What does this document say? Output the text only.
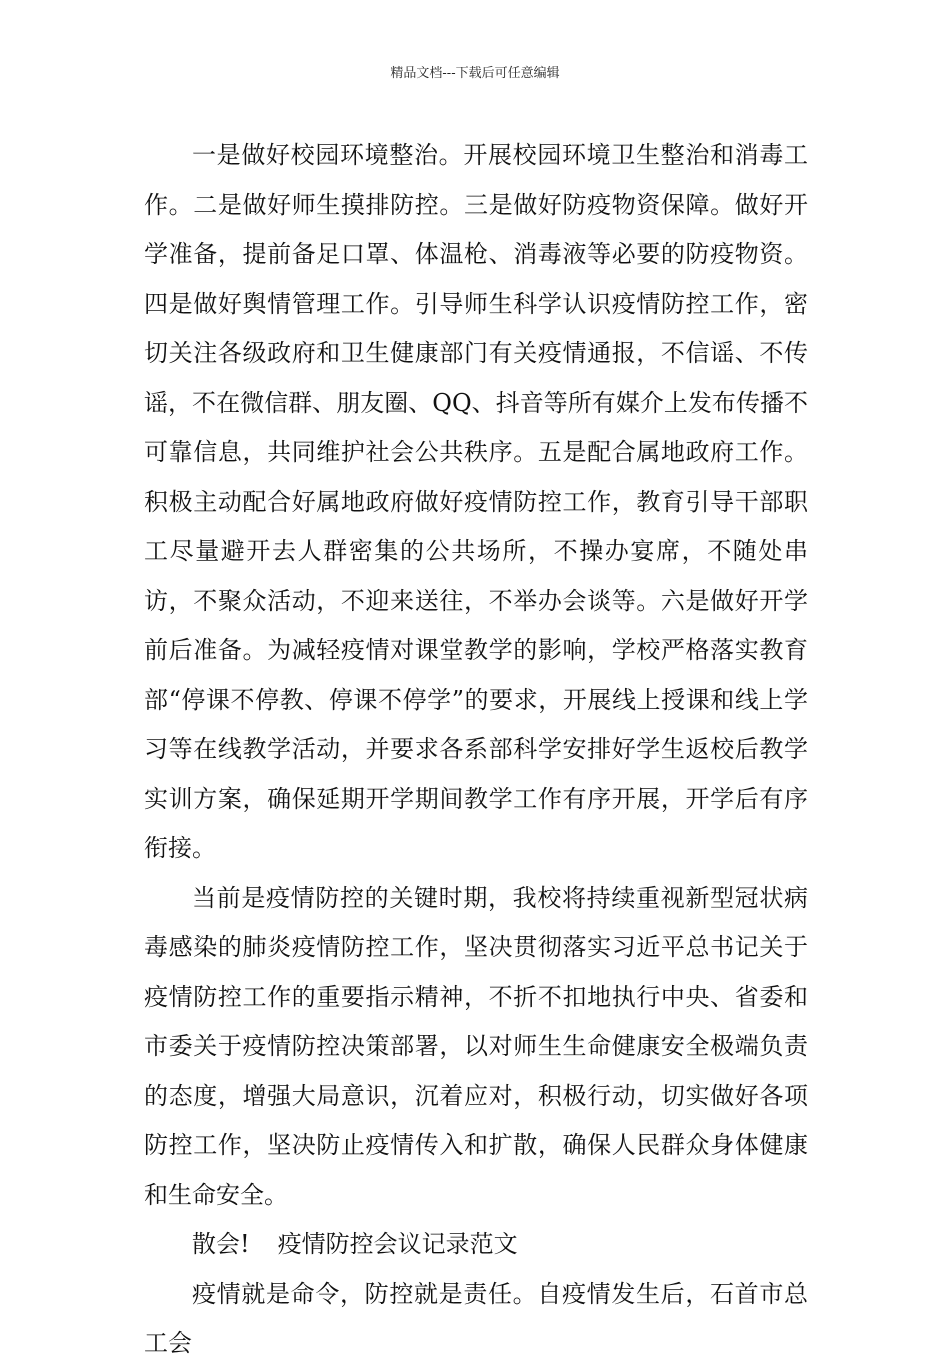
精品文档---下载后可任意编辑

一是做好校园环境整治。开展校园环境卫生整治和消毒工作。二是做好师生摸排防控。三是做好防疫物资保障。做好开学准备，提前备足口罩、体温枪、消毒液等必要的防疫物资。四是做好舆情管理工作。引导师生科学认识疫情防控工作，密切关注各级政府和卫生健康部门有关疫情通报，不信谣、不传谣，不在微信群、朋友圈、QQ、抖音等所有媒介上发布传播不可靠信息，共同维护社会公共秩序。五是配合属地政府工作。积极主动配合好属地政府做好疫情防控工作，教育引导干部职工尽量避开去人群密集的公共场所，不操办宴席，不随处串访，不聚众活动，不迎来送往，不举办会谈等。六是做好开学前后准备。为减轻疫情对课堂教学的影响，学校严格落实教育部“停课不停教、停课不停学”的要求，开展线上授课和线上学习等在线教学活动，并要求各系部科学安排好学生返校后教学实训方案，确保延期开学期间教学工作有序开展，开学后有序衔接。

当前是疫情防控的关键时期，我校将持续重视新型冠状病毒感染的肺炎疫情防控工作，坚决贯彻落实习近平总书记关于疫情防控工作的重要指示精神，不折不扣地执行中央、省委和市委关于疫情防控决策部署，以对师生生命健康安全极端负责的态度，增强大局意识，沉着应对，积极行动，切实做好各项防控工作，坚决防止疫情传入和扩散，确保人民群众身体健康和生命安全。

散会! 疫情防控会议记录范文

疫情就是命令，防控就是责任。自疫情发生后，石首市总工会
